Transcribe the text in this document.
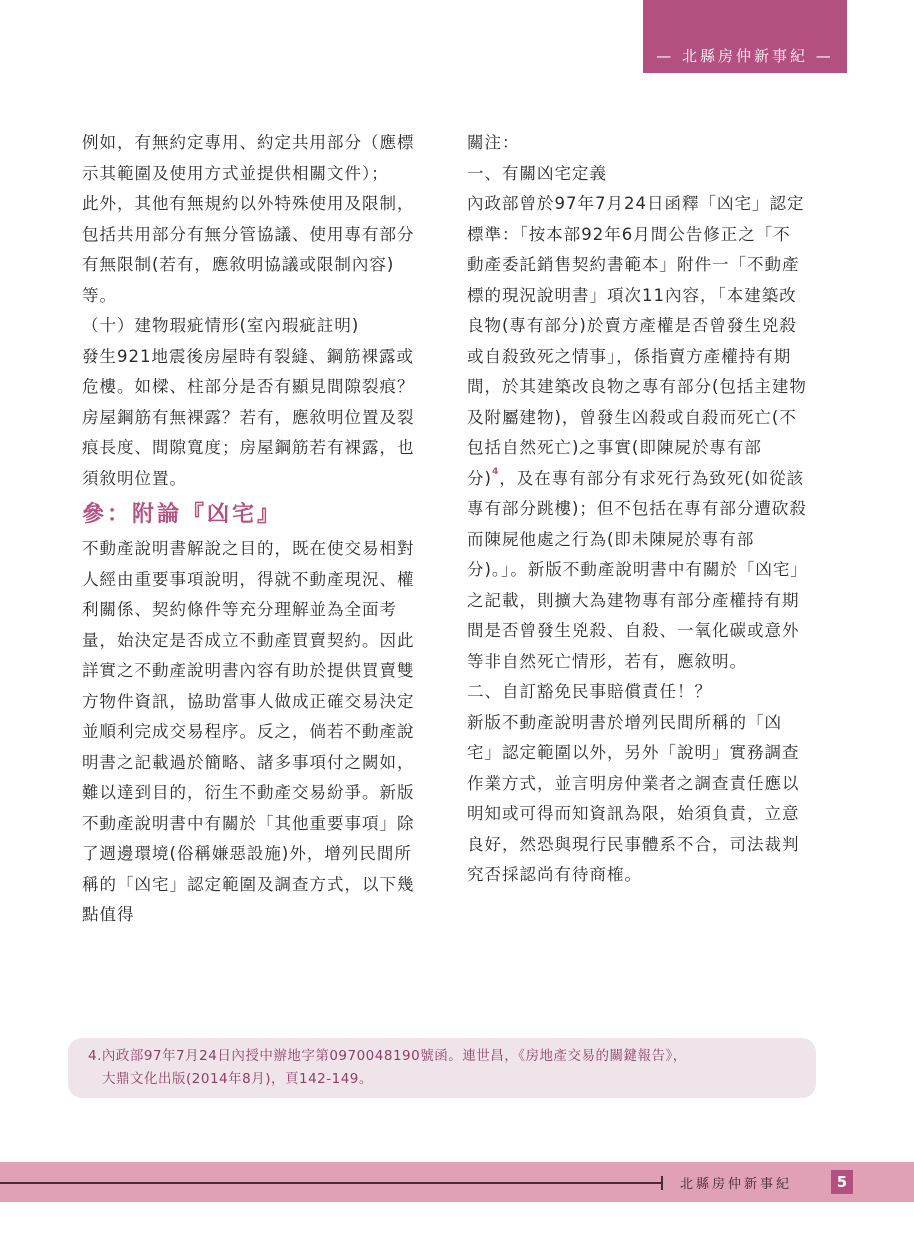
— 北縣房仲新事紀 —

例如，有無約定專用、約定共用部分（應標示其範圍及使用方式並提供相關文件）；

此外，其他有無規約以外特殊使用及限制，包括共用部分有無分管協議、使用專有部分有無限制(若有，應敘明協議或限制內容)等。

（十）建物瑕疵情形(室內瑕疵註明)

發生921地震後房屋時有裂縫、鋼筋裸露或危樓。如樑、柱部分是否有顯見間隙裂痕？房屋鋼筋有無裸露？若有，應敘明位置及裂痕長度、間隙寬度；房屋鋼筋若有裸露，也須敘明位置。

參：附論『凶宅』

不動產說明書解說之目的，既在使交易相對人經由重要事項說明，得就不動產現況、權利關係、契約條件等充分理解並為全面考量，始決定是否成立不動產買賣契約。因此詳實之不動產說明書內容有助於提供買賣雙方物件資訊，協助當事人做成正確交易決定並順利完成交易程序。反之，倘若不動產說明書之記載過於簡略、諸多事項付之闕如，難以達到目的，衍生不動產交易紛爭。新版不動產說明書中有關於「其他重要事項」除了週邊環境(俗稱嫌惡設施)外，增列民間所稱的「凶宅」認定範圍及調查方式，以下幾點值得

關注：

一、有關凶宅定義

內政部曾於97年7月24日函釋「凶宅」認定標準：「按本部92年6月間公告修正之「不動產委託銷售契約書範本」附件一「不動產標的現況說明書」項次11內容，「本建築改良物(專有部分)於賣方產權是否曾發生兇殺或自殺致死之情事」，係指賣方產權持有期間，於其建築改良物之專有部分(包括主建物及附屬建物)，曾發生凶殺或自殺而死亡(不包括自然死亡)之事實(即陳屍於專有部分)$^4$，及在專有部分有求死行為致死(如從該專有部分跳樓)；但不包括在專有部分遭砍殺而陳屍他處之行為(即未陳屍於專有部分)。」。新版不動產說明書中有關於「凶宅」之記載，則擴大為建物專有部分產權持有期間是否曾發生兇殺、自殺、一氧化碳或意外等非自然死亡情形，若有，應敘明。

二、自訂豁免民事賠償責任！？

新版不動產說明書於增列民間所稱的「凶宅」認定範圍以外，另外「說明」實務調查作業方式，並言明房仲業者之調查責任應以明知或可得而知資訊為限，始須負責，立意良好，然恐與現行民事體系不合，司法裁判究否採認尚有待商榷。

4.內政部97年7月24日內授中辦地字第0970048190號函。連世昌，《房地產交易的關鍵報告》，
大鼎文化出版(2014年8月)，頁142-149。
北縣房仲新事紀	5
